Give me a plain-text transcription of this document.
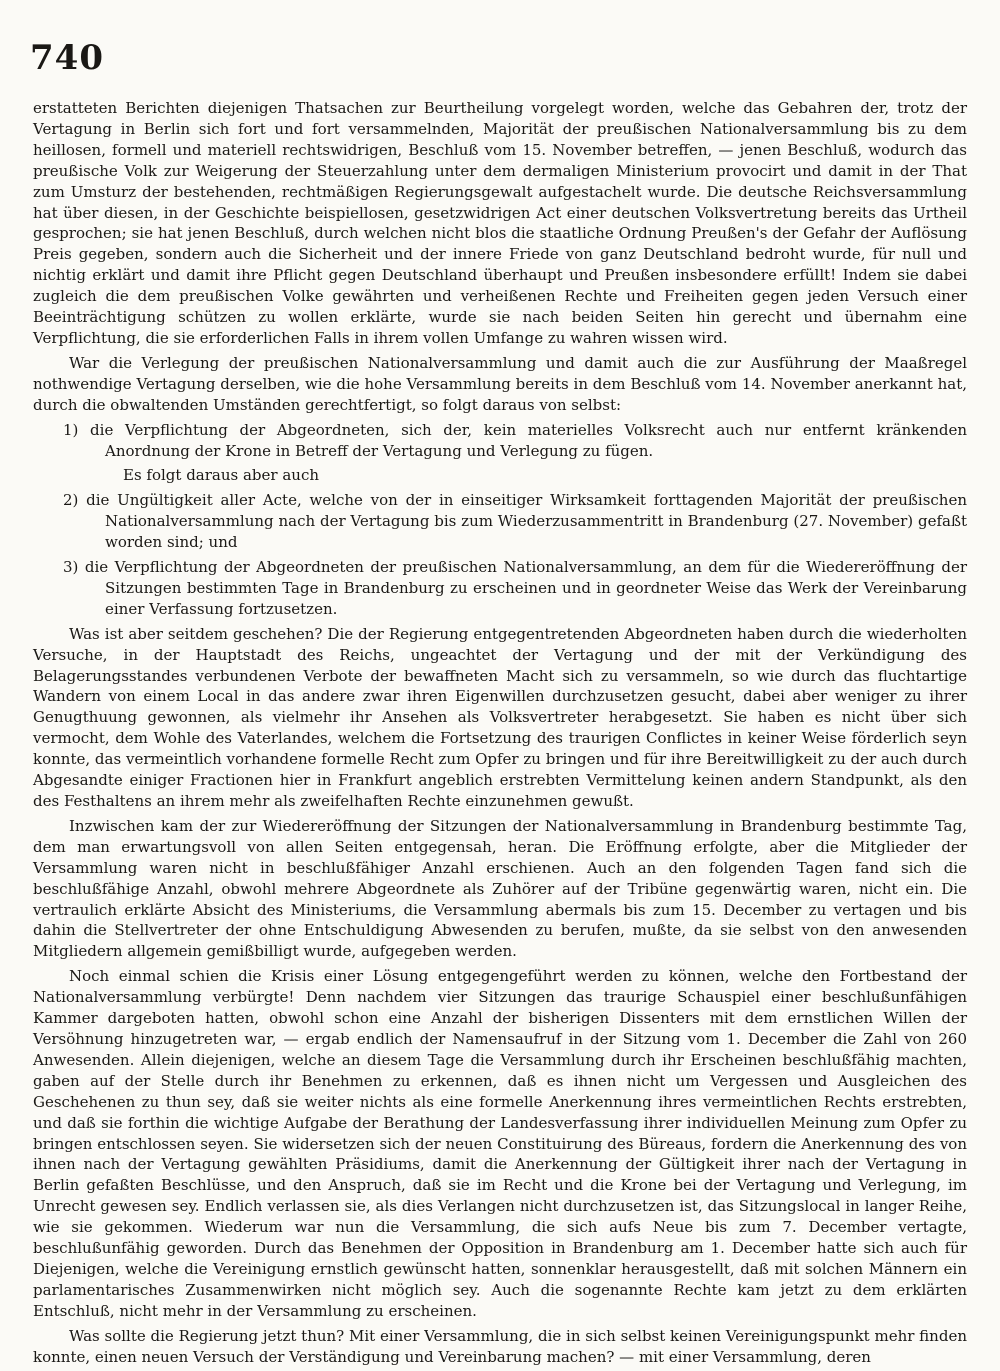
740

erstatteten Berichten diejenigen Thatsachen zur Beurtheilung vorgelegt worden, welche das Gebahren der, trotz der Vertagung in Berlin sich fort und fort versammelnden, Majorität der preußischen Nationalversammlung bis zu dem heillosen, formell und materiell rechtswidrigen, Beschluß vom 15. November betreffen, — jenen Beschluß, wodurch das preußische Volk zur Weigerung der Steuerzahlung unter dem dermaligen Ministerium provocirt und damit in der That zum Umsturz der bestehenden, rechtmäßigen Regierungsgewalt aufgestachelt wurde. Die deutsche Reichsversammlung hat über diesen, in der Geschichte beispiellosen, gesetzwidrigen Act einer deutschen Volksvertretung bereits das Urtheil gesprochen; sie hat jenen Beschluß, durch welchen nicht blos die staatliche Ordnung Preußen's der Gefahr der Auflösung Preis gegeben, sondern auch die Sicherheit und der innere Friede von ganz Deutschland bedroht wurde, für null und nichtig erklärt und damit ihre Pflicht gegen Deutschland überhaupt und Preußen insbesondere erfüllt! Indem sie dabei zugleich die dem preußischen Volke gewährten und verheißenen Rechte und Freiheiten gegen jeden Versuch einer Beeinträchtigung schützen zu wollen erklärte, wurde sie nach beiden Seiten hin gerecht und übernahm eine Verpflichtung, die sie erforderlichen Falls in ihrem vollen Umfange zu wahren wissen wird.

War die Verlegung der preußischen Nationalversammlung und damit auch die zur Ausführung der Maaßregel nothwendige Vertagung derselben, wie die hohe Versammlung bereits in dem Beschluß vom 14. November anerkannt hat, durch die obwaltenden Umständen gerechtfertigt, so folgt daraus von selbst:

1) die Verpflichtung der Abgeordneten, sich der, kein materielles Volksrecht auch nur entfernt kränkenden Anordnung der Krone in Betreff der Vertagung und Verlegung zu fügen.

Es folgt daraus aber auch

2) die Ungültigkeit aller Acte, welche von der in einseitiger Wirksamkeit forttagenden Majorität der preußischen Nationalversammlung nach der Vertagung bis zum Wiederzusammentritt in Brandenburg (27. November) gefaßt worden sind; und

3) die Verpflichtung der Abgeordneten der preußischen Nationalversammlung, an dem für die Wiedereröffnung der Sitzungen bestimmten Tage in Brandenburg zu erscheinen und in geordneter Weise das Werk der Vereinbarung einer Verfassung fortzusetzen.

Was ist aber seitdem geschehen? Die der Regierung entgegentretenden Abgeordneten haben durch die wiederholten Versuche, in der Hauptstadt des Reichs, ungeachtet der Vertagung und der mit der Verkündigung des Belagerungsstandes verbundenen Verbote der bewaffneten Macht sich zu versammeln, so wie durch das fluchtartige Wandern von einem Local in das andere zwar ihren Eigenwillen durchzusetzen gesucht, dabei aber weniger zu ihrer Genugthuung gewonnen, als vielmehr ihr Ansehen als Volksvertreter herabgesetzt. Sie haben es nicht über sich vermocht, dem Wohle des Vaterlandes, welchem die Fortsetzung des traurigen Conflictes in keiner Weise förderlich seyn konnte, das vermeintlich vorhandene formelle Recht zum Opfer zu bringen und für ihre Bereitwilligkeit zu der auch durch Abgesandte einiger Fractionen hier in Frankfurt angeblich erstrebten Vermittelung keinen andern Standpunkt, als den des Festhaltens an ihrem mehr als zweifelhaften Rechte einzunehmen gewußt.

Inzwischen kam der zur Wiedereröffnung der Sitzungen der Nationalversammlung in Brandenburg bestimmte Tag, dem man erwartungsvoll von allen Seiten entgegensah, heran. Die Eröffnung erfolgte, aber die Mitglieder der Versammlung waren nicht in beschlußfähiger Anzahl erschienen. Auch an den folgenden Tagen fand sich die beschlußfähige Anzahl, obwohl mehrere Abgeordnete als Zuhörer auf der Tribüne gegenwärtig waren, nicht ein. Die vertraulich erklärte Absicht des Ministeriums, die Versammlung abermals bis zum 15. December zu vertagen und bis dahin die Stellvertreter der ohne Entschuldigung Abwesenden zu berufen, mußte, da sie selbst von den anwesenden Mitgliedern allgemein gemißbilligt wurde, aufgegeben werden.

Noch einmal schien die Krisis einer Lösung entgegengeführt werden zu können, welche den Fortbestand der Nationalversammlung verbürgte! Denn nachdem vier Sitzungen das traurige Schauspiel einer beschlußunfähigen Kammer dargeboten hatten, obwohl schon eine Anzahl der bisherigen Dissenters mit dem ernstlichen Willen der Versöhnung hinzugetreten war, — ergab endlich der Namensaufruf in der Sitzung vom 1. December die Zahl von 260 Anwesenden. Allein diejenigen, welche an diesem Tage die Versammlung durch ihr Erscheinen beschlußfähig machten, gaben auf der Stelle durch ihr Benehmen zu erkennen, daß es ihnen nicht um Vergessen und Ausgleichen des Geschehenen zu thun sey, daß sie weiter nichts als eine formelle Anerkennung ihres vermeintlichen Rechts erstrebten, und daß sie forthin die wichtige Aufgabe der Berathung der Landesverfassung ihrer individuellen Meinung zum Opfer zu bringen entschlossen seyen. Sie widersetzen sich der neuen Constituirung des Büreaus, fordern die Anerkennung des von ihnen nach der Vertagung gewählten Präsidiums, damit die Anerkennung der Gültigkeit ihrer nach der Vertagung in Berlin gefaßten Beschlüsse, und den Anspruch, daß sie im Recht und die Krone bei der Vertagung und Verlegung, im Unrecht gewesen sey. Endlich verlassen sie, als dies Verlangen nicht durchzusetzen ist, das Sitzungslocal in langer Reihe, wie sie gekommen. Wiederum war nun die Versammlung, die sich aufs Neue bis zum 7. December vertagte, beschlußunfähig geworden. Durch das Benehmen der Opposition in Brandenburg am 1. December hatte sich auch für Diejenigen, welche die Vereinigung ernstlich gewünscht hatten, sonnenklar herausgestellt, daß mit solchen Männern ein parlamentarisches Zusammenwirken nicht möglich sey. Auch die sogenannte Rechte kam jetzt zu dem erklärten Entschluß, nicht mehr in der Versammlung zu erscheinen.

Was sollte die Regierung jetzt thun? Mit einer Versammlung, die in sich selbst keinen Vereinigungspunkt mehr finden konnte, einen neuen Versuch der Verständigung und Vereinbarung machen? — mit einer Versammlung, deren
